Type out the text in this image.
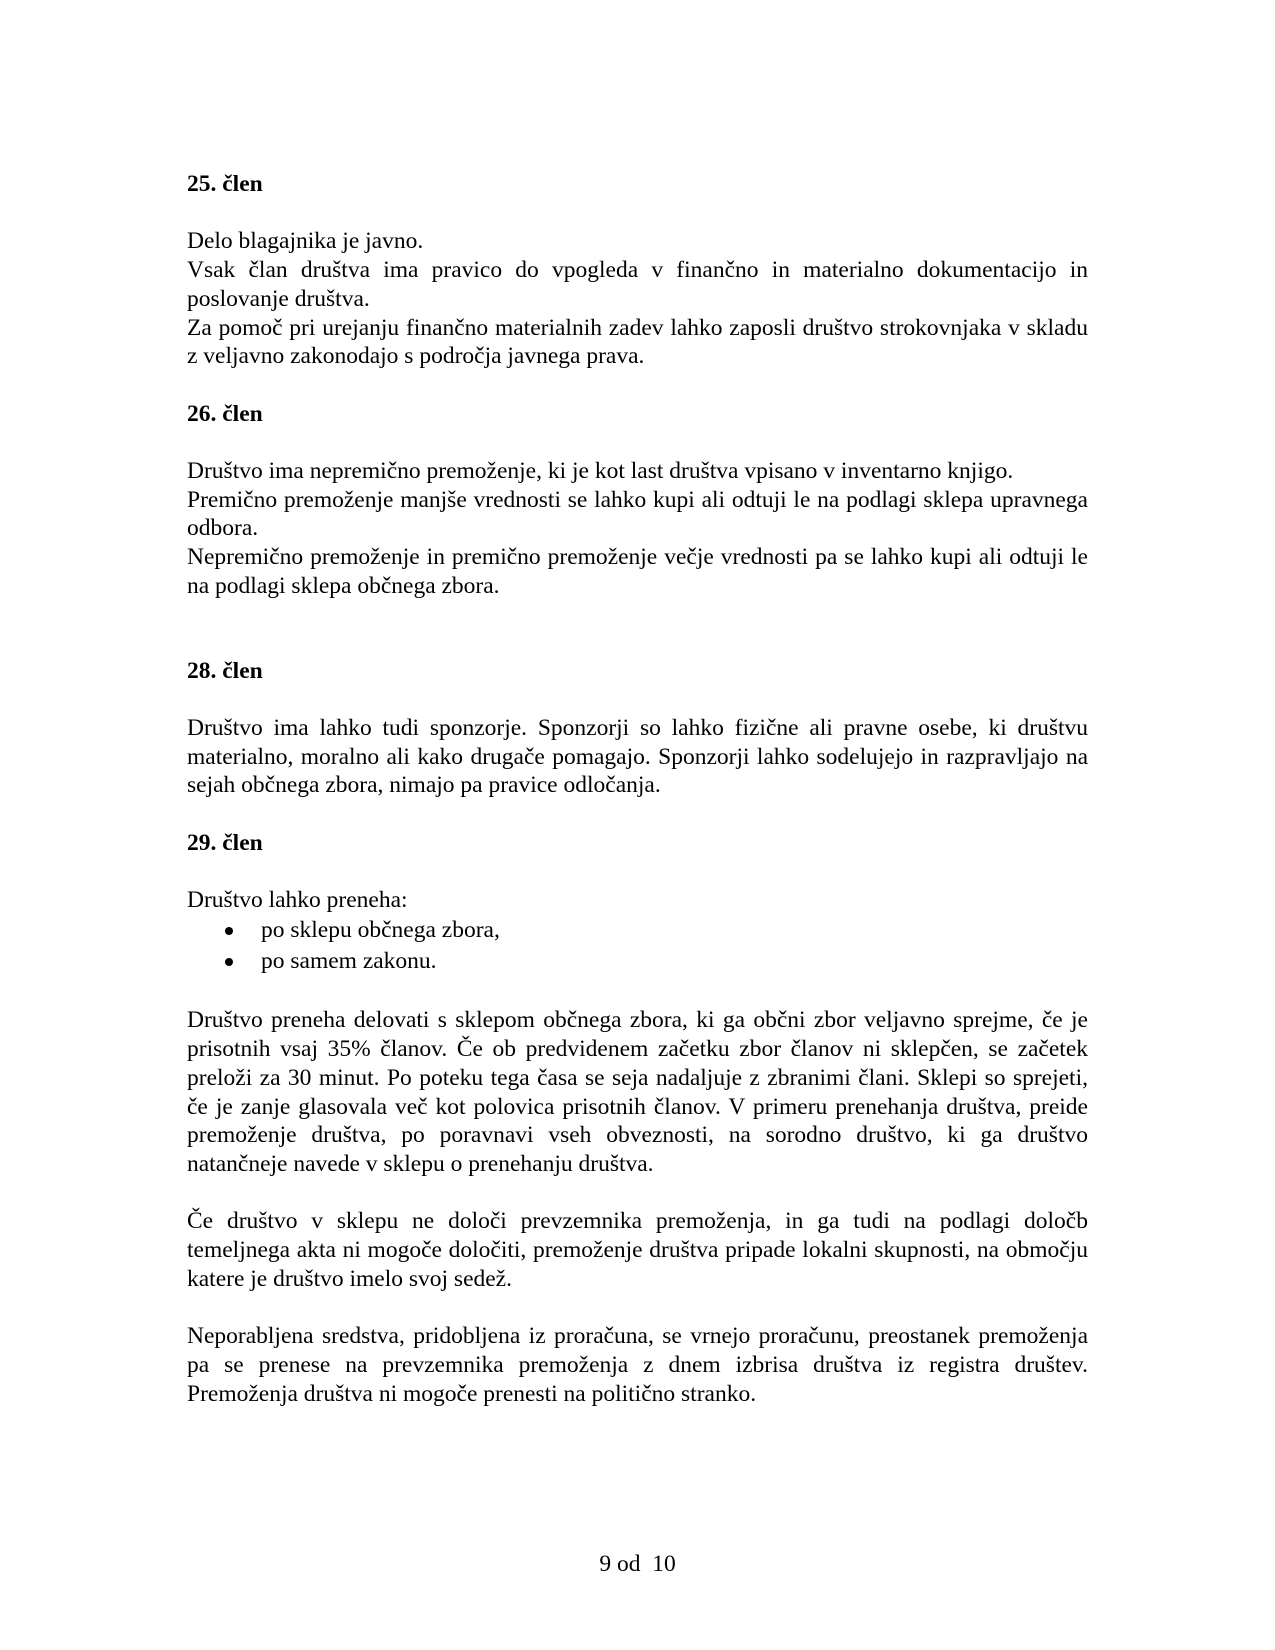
25. člen

Delo blagajnika je javno.

Vsak član društva ima pravico do vpogleda v finančno in materialno dokumentacijo in poslovanje društva.

Za pomoč pri urejanju finančno materialnih zadev lahko zaposli društvo strokovnjaka v skladu z veljavno zakonodajo s področja javnega prava.

26. člen

Društvo ima nepremično premoženje, ki je kot last društva vpisano v inventarno knjigo.

Premično premoženje manjše vrednosti se lahko kupi ali odtuji le na podlagi sklepa upravnega odbora.

Nepremično premoženje in premično premoženje večje vrednosti pa se lahko kupi ali odtuji le na podlagi sklepa občnega zbora.

28. člen

Društvo ima lahko tudi sponzorje. Sponzorji so lahko fizične ali pravne osebe, ki društvu materialno, moralno ali kako drugače pomagajo. Sponzorji lahko sodelujejo in razpravljajo na sejah občnega zbora, nimajo pa pravice odločanja.

29. člen

Društvo lahko preneha:

po sklepu občnega zbora,
po samem zakonu.

Društvo preneha delovati s sklepom občnega zbora, ki ga občni zbor veljavno sprejme, če je prisotnih vsaj 35% članov. Če ob predvidenem začetku zbor članov ni sklepčen, se začetek preloži za 30 minut. Po poteku tega časa se seja nadaljuje z zbranimi člani. Sklepi so sprejeti, če je zanje glasovala več kot polovica prisotnih članov. V primeru prenehanja društva, preide premoženje društva, po poravnavi vseh obveznosti, na sorodno društvo, ki ga društvo natančneje navede v sklepu o prenehanju društva.

Če društvo v sklepu ne določi prevzemnika premoženja, in ga tudi na podlagi določb temeljnega akta ni mogoče določiti, premoženje društva pripade lokalni skupnosti, na območju katere je društvo imelo svoj sedež.

Neporabljena sredstva, pridobljena iz proračuna, se vrnejo proračunu, preostanek premoženja pa se prenese na prevzemnika premoženja z dnem izbrisa društva iz registra društev. Premoženja društva ni mogoče prenesti na politično stranko.

9 od  10
